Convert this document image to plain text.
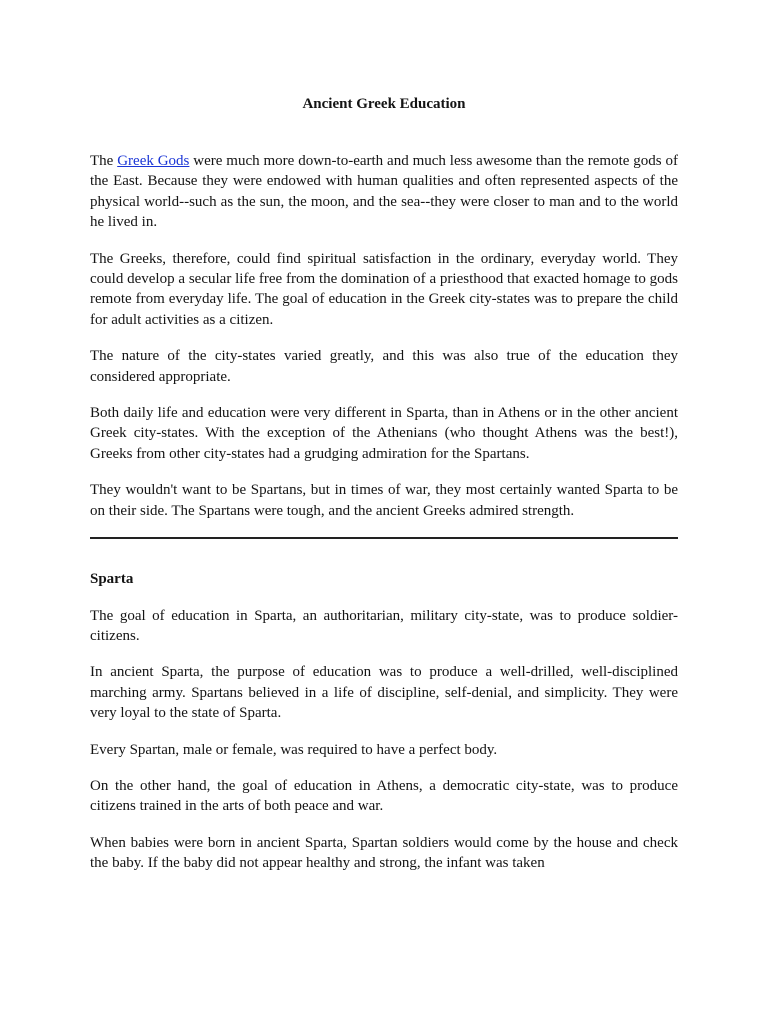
Ancient Greek Education

The Greek Gods were much more down-to-earth and much less awesome than the remote gods of the East. Because they were endowed with human qualities and often represented aspects of the physical world--such as the sun, the moon, and the sea--they were closer to man and to the world he lived in.

The Greeks, therefore, could find spiritual satisfaction in the ordinary, everyday world. They could develop a secular life free from the domination of a priesthood that exacted homage to gods remote from everyday life. The goal of education in the Greek city-states was to prepare the child for adult activities as a citizen.

The nature of the city-states varied greatly, and this was also true of the education they considered appropriate.

Both daily life and education were very different in Sparta, than in Athens or in the other ancient Greek city-states. With the exception of the Athenians (who thought Athens was the best!), Greeks from other city-states had a grudging admiration for the Spartans.

They wouldn't want to be Spartans, but in times of war, they most certainly wanted Sparta to be on their side. The Spartans were tough, and the ancient Greeks admired strength.

Sparta

The goal of education in Sparta, an authoritarian, military city-state, was to produce soldier-citizens.

In ancient Sparta, the purpose of education was to produce a well-drilled, well-disciplined marching army. Spartans believed in a life of discipline, self-denial, and simplicity. They were very loyal to the state of Sparta.

Every Spartan, male or female, was required to have a perfect body.

On the other hand, the goal of education in Athens, a democratic city-state, was to produce citizens trained in the arts of both peace and war.

When babies were born in ancient Sparta, Spartan soldiers would come by the house and check the baby. If the baby did not appear healthy and strong, the infant was taken
